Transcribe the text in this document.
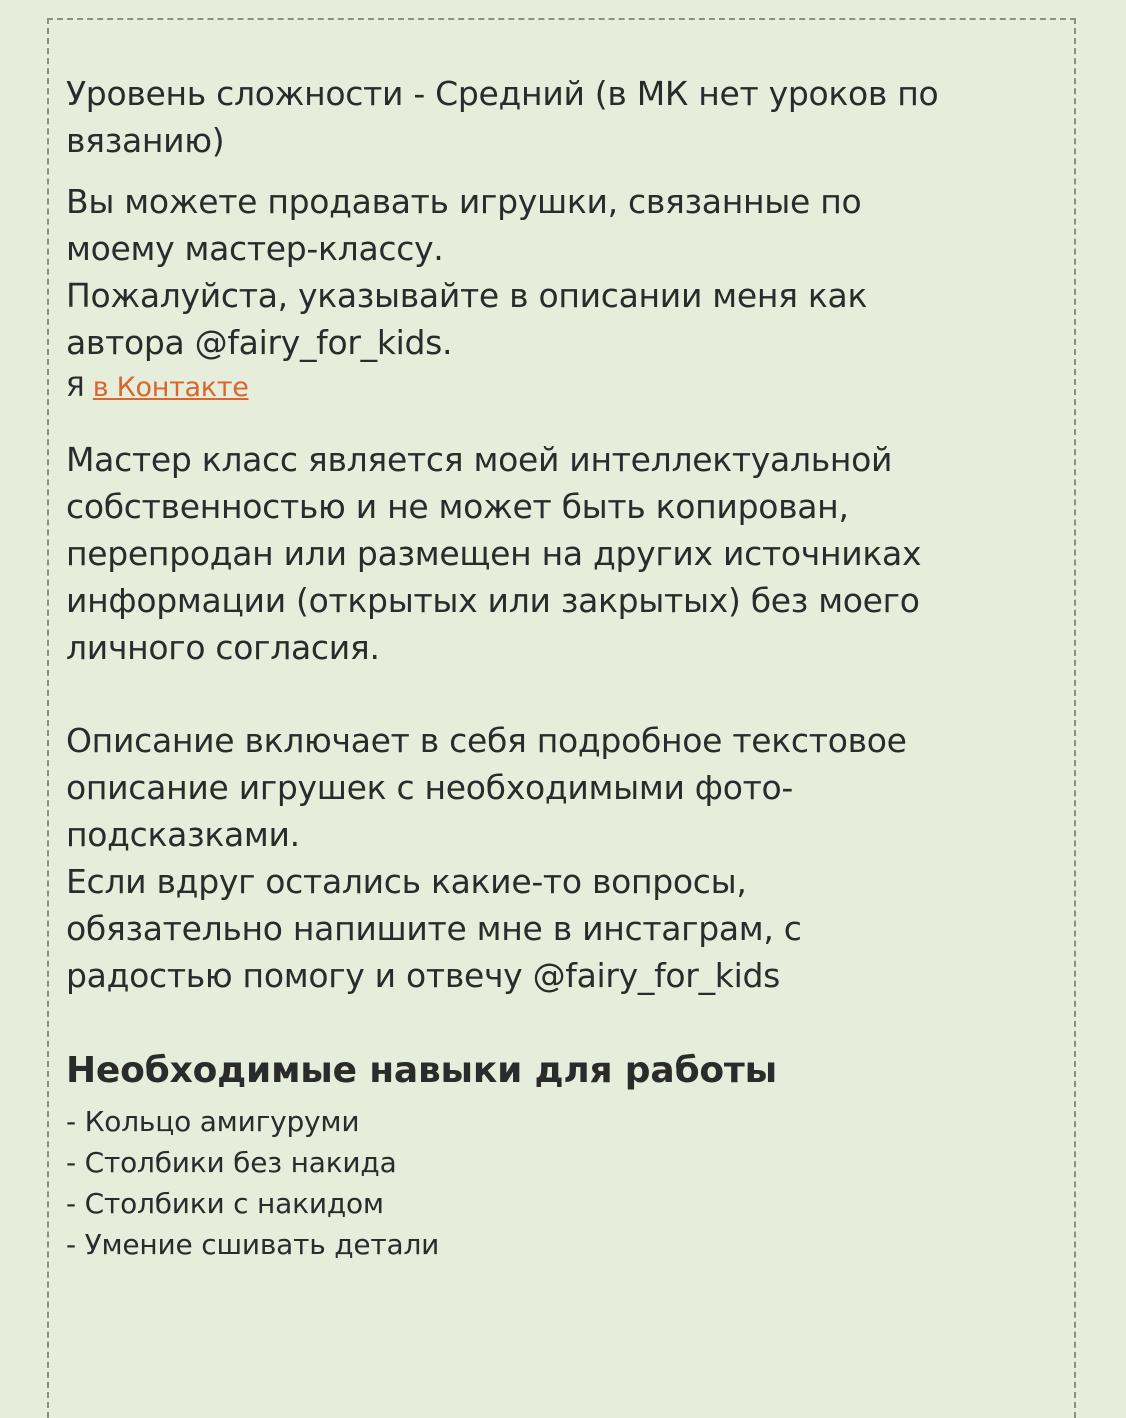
Уровень сложности - Средний (в МК нет уроков по

вязанию)

Вы можете продавать игрушки, связанные по

моему мастер-классу.

Пожалуйста, указывайте в описании меня как

автора @fairy_for_kids.

Я в Контакте

Мастер класс является моей интеллектуальной

собственностью и не может быть копирован,

перепродан или размещен на других источниках

информации (открытых или закрытых) без моего

личного согласия.

Описание включает в себя подробное текстовое

описание игрушек с необходимыми фото-

подсказками.

Если вдруг остались какие-то вопросы,

обязательно напишите мне в инстаграм, с

радостью помогу и отвечу @fairy_for_kids

Необходимые навыки для работы
- Кольцо амигуруми
- Столбики без накида
- Столбики с накидом
- Умение сшивать детали
